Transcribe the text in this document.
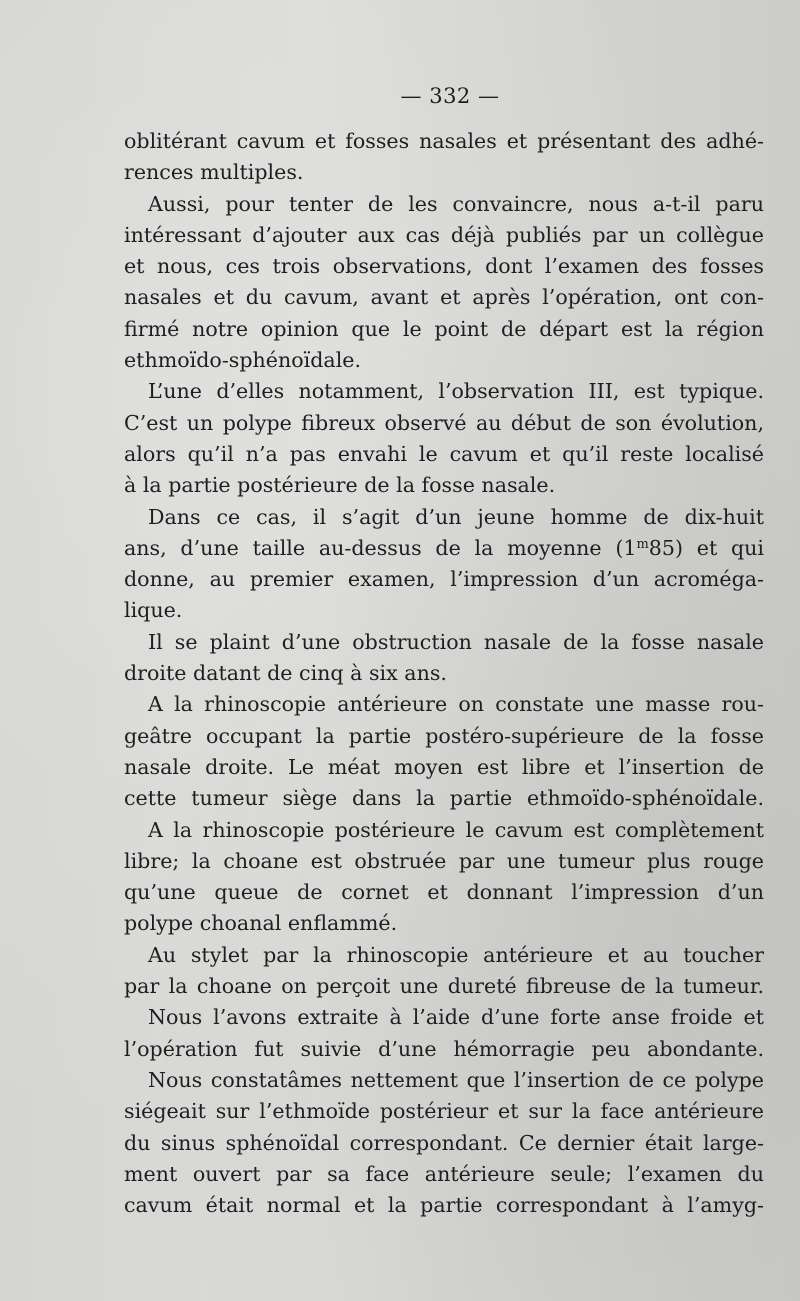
— 332 —
oblitérant cavum et fosses nasales et présentant des adhé-
rences multiples.
Aussi, pour tenter de les convaincre, nous a-t-il paru
intéressant d’ajouter aux cas déjà publiés par un collègue
et nous, ces trois observations, dont l’examen des fosses
nasales et du cavum, avant et après l’opération, ont con-
firmé notre opinion que le point de départ est la région
ethmoïdo-sphénoïdale.
L’une d’elles notamment, l’observation III, est typique.
C’est un polype fibreux observé au début de son évolution,
alors qu’il n’a pas envahi le cavum et qu’il reste localisé
à la partie postérieure de la fosse nasale.
Dans ce cas, il s’agit d’un jeune homme de dix-huit
ans, d’une taille au-dessus de la moyenne (1$^m$85) et qui
donne, au premier examen, l’impression d’un acroméga-
lique.
Il se plaint d’une obstruction nasale de la fosse nasale
droite datant de cinq à six ans.
A la rhinoscopie antérieure on constate une masse rou-
geâtre occupant la partie postéro-supérieure de la fosse
nasale droite. Le méat moyen est libre et l’insertion de
cette tumeur siège dans la partie ethmoïdo-sphénoïdale.
A la rhinoscopie postérieure le cavum est complètement
libre; la choane est obstruée par une tumeur plus rouge
qu’une queue de cornet et donnant l’impression d’un
polype choanal enflammé.
Au stylet par la rhinoscopie antérieure et au toucher
par la choane on perçoit une dureté fibreuse de la tumeur.
Nous l’avons extraite à l’aide d’une forte anse froide et
l’opération fut suivie d’une hémorragie peu abondante.
Nous constatâmes nettement que l’insertion de ce polype
siégeait sur l’ethmoïde postérieur et sur la face antérieure
du sinus sphénoïdal correspondant. Ce dernier était large-
ment ouvert par sa face antérieure seule; l’examen du
cavum était normal et la partie correspondant à l’amyg-
